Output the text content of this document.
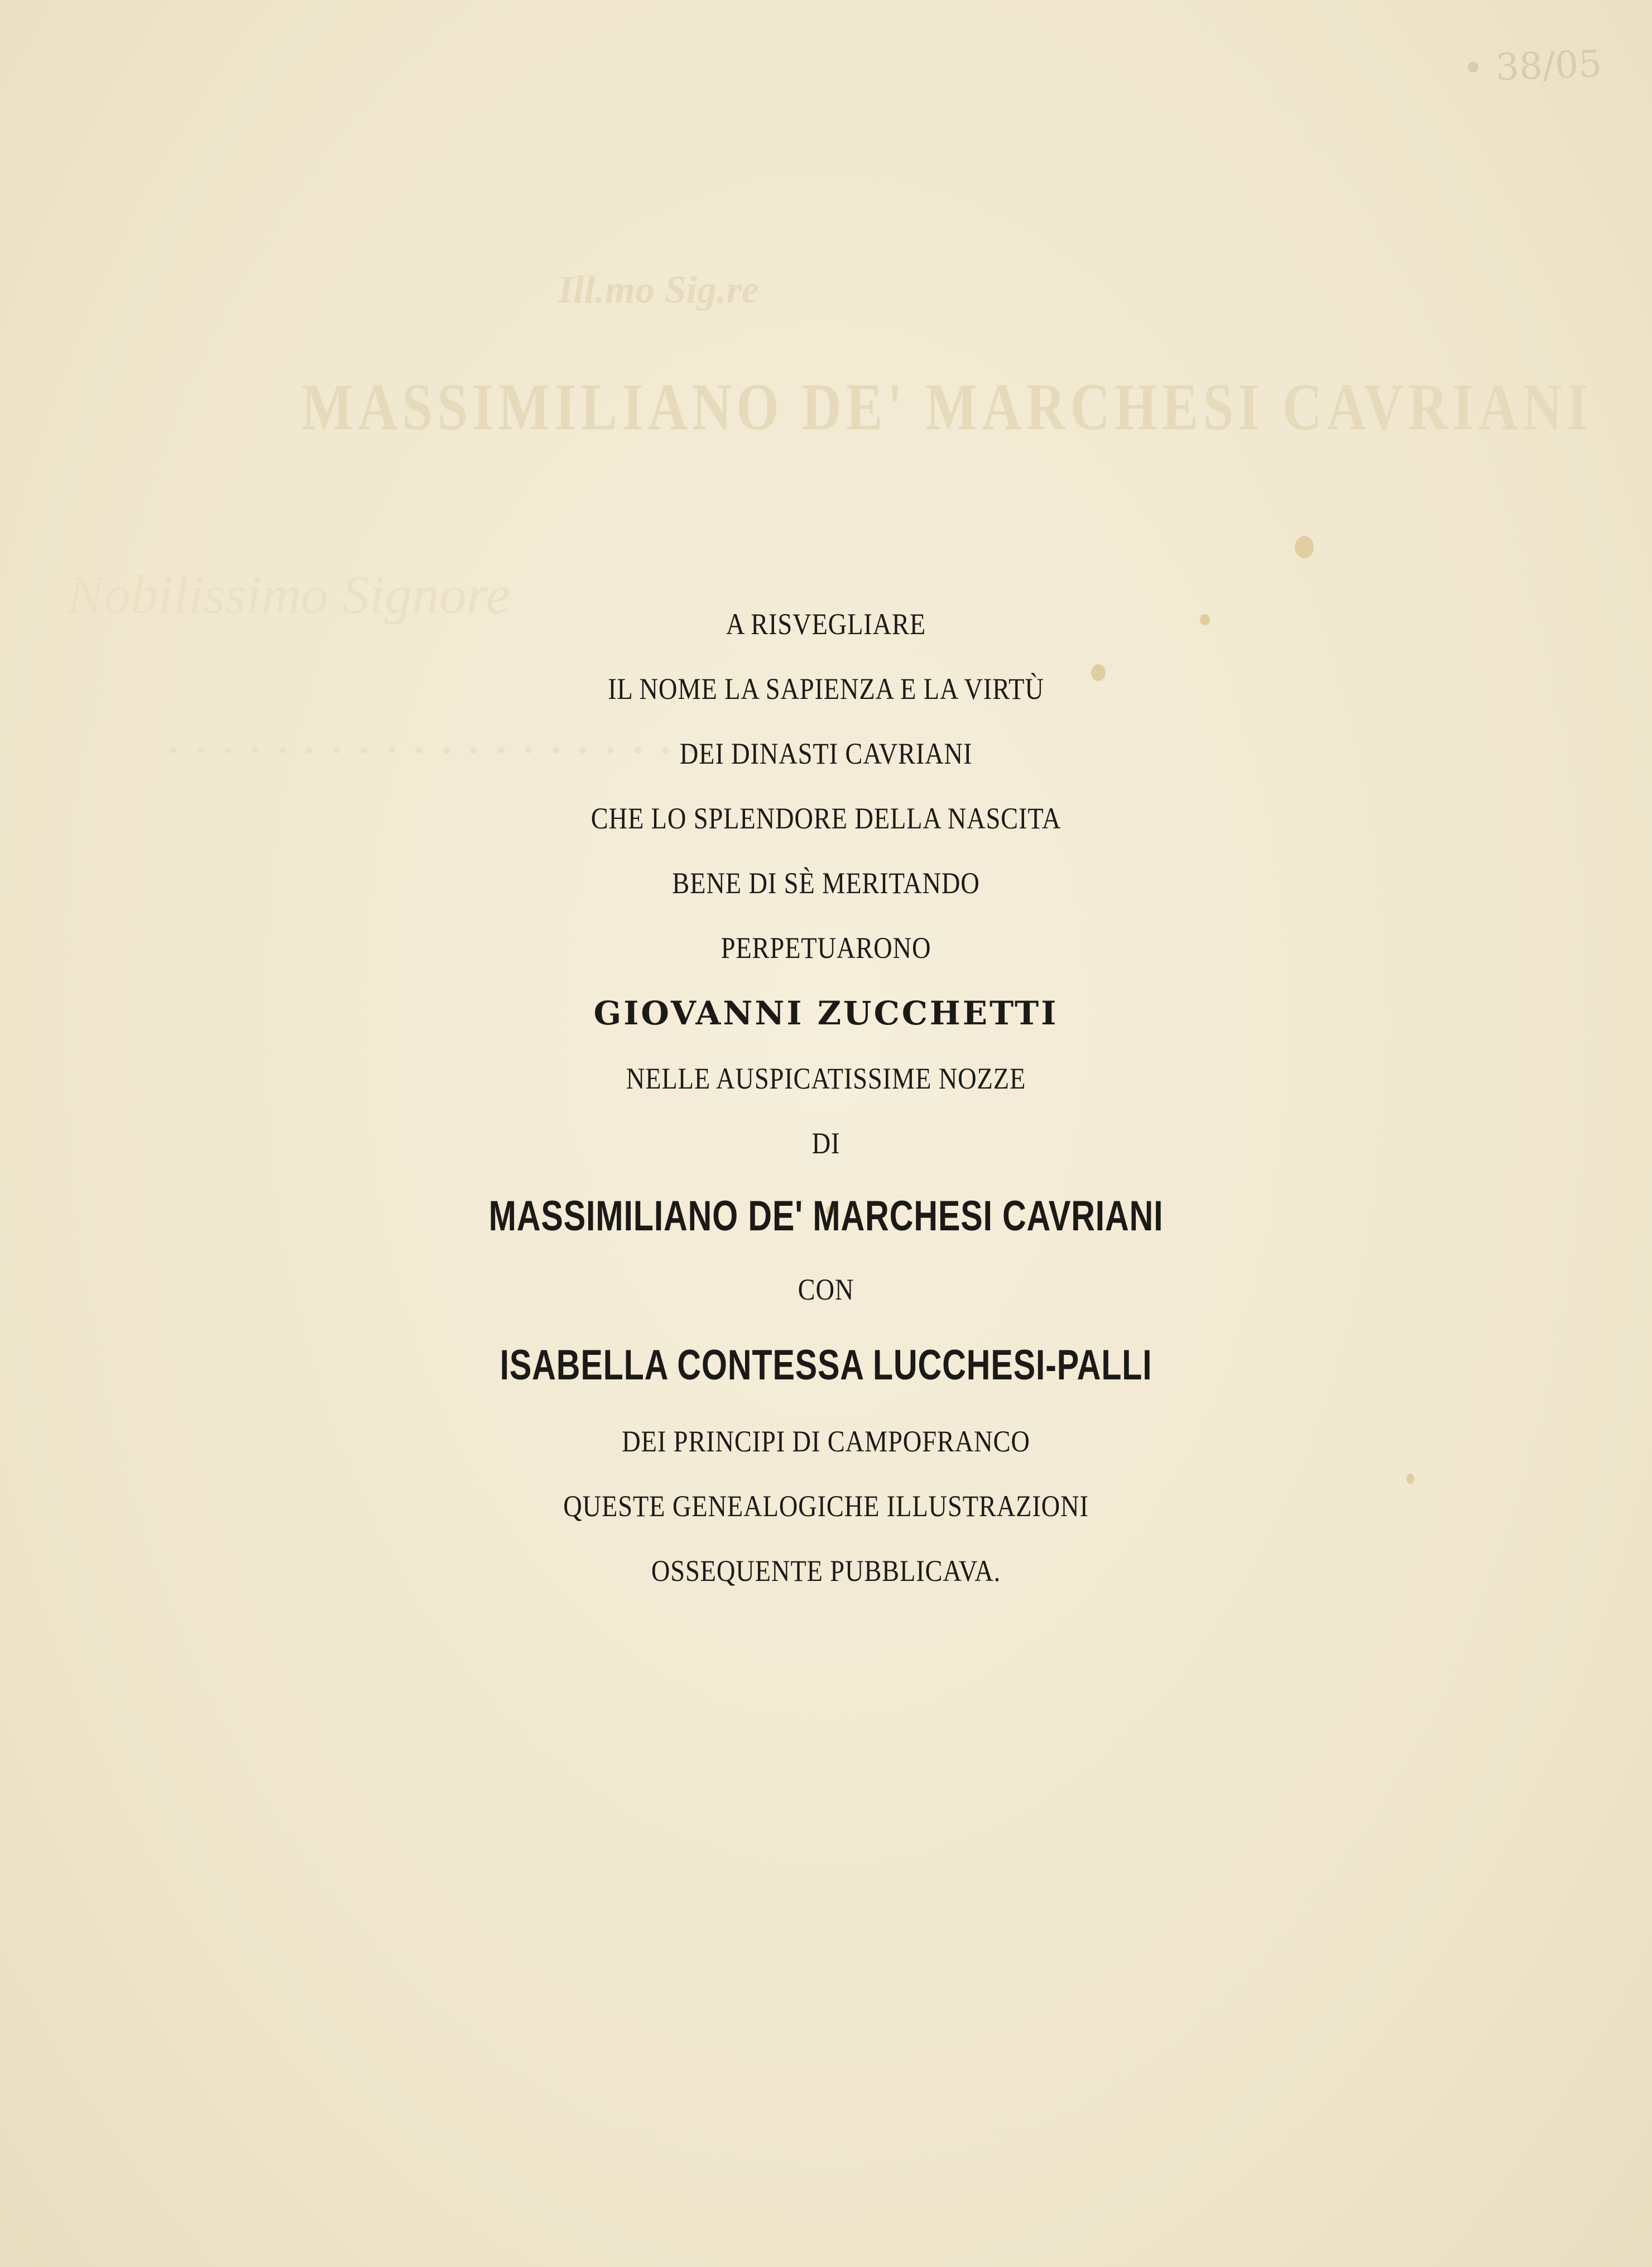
Ill.mo Sig.re
MASSIMILIANO DE' MARCHESI CAVRIANI
Nobilissimo Signore
. . . . . . . . . . . . . . . . . . . .
• 38/05
A RISVEGLIARE
IL NOME LA SAPIENZA E LA VIRTÙ
DEI DINASTI CAVRIANI
CHE LO SPLENDORE DELLA NASCITA
BENE DI SÈ MERITANDO
PERPETUARONO
GIOVANNI ZUCCHETTI
NELLE AUSPICATISSIME NOZZE
DI
MASSIMILIANO DE' MARCHESI CAVRIANI
CON
ISABELLA CONTESSA LUCCHESI-PALLI
DEI PRINCIPI DI CAMPOFRANCO
QUESTE GENEALOGICHE ILLUSTRAZIONI
OSSEQUENTE PUBBLICAVA.
